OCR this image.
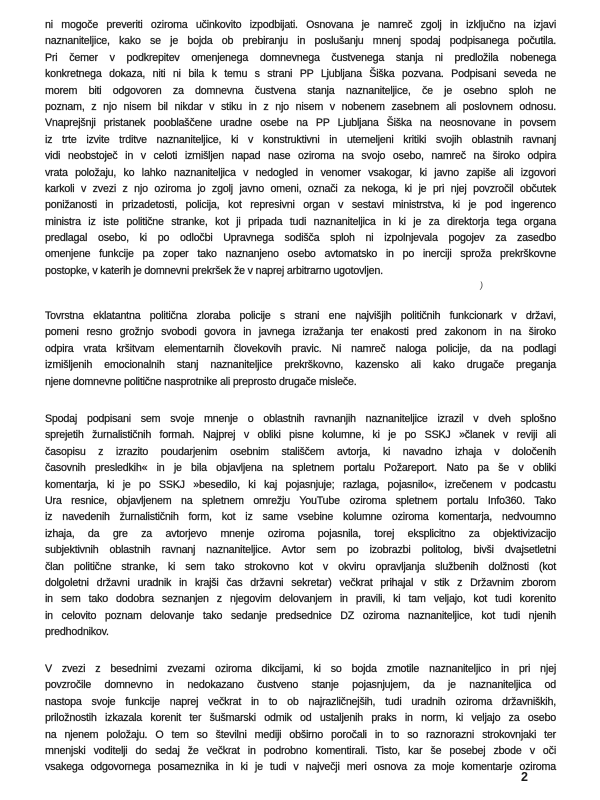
ni mogoče preveriti oziroma učinkovito izpodbijati. Osnovana je namreč zgolj in izključno na izjavi
naznaniteljice, kako se je bojda ob prebiranju in poslušanju mnenj spodaj podpisanega počutila.
Pri čemer v podkrepitev omenjenega domnevnega čustvenega stanja ni predložila nobenega
konkretnega dokaza, niti ni bila k temu s strani PP Ljubljana Šiška pozvana. Podpisani seveda ne
morem biti odgovoren za domnevna čustvena stanja naznaniteljice, če je osebno sploh ne
poznam, z njo nisem bil nikdar v stiku in z njo nisem v nobenem zasebnem ali poslovnem odnosu.
Vnaprejšnji pristanek pooblaščene uradne osebe na PP Ljubljana Šiška na neosnovane in povsem
iz trte izvite trditve naznaniteljice, ki v konstruktivni in utemeljeni kritiki svojih oblastnih ravnanj
vidi neobstoječ in v celoti izmišljen napad nase oziroma na svojo osebo, namreč na široko odpira
vrata položaju, ko lahko naznaniteljica v nedogled in venomer vsakogar, ki javno zapiše ali izgovori
karkoli v zvezi z njo oziroma jo zgolj javno omeni, označi za nekoga, ki je pri njej povzročil občutek
ponižanosti in prizadetosti, policija, kot represivni organ v sestavi ministrstva, ki je pod ingerenco
ministra iz iste politične stranke, kot ji pripada tudi naznaniteljica in ki je za direktorja tega organa
predlagal osebo, ki po odločbi Upravnega sodišča sploh ni izpolnjevala pogojev za zasedbo
omenjene funkcije pa zoper tako naznanjeno osebo avtomatsko in po inerciji sproža prekrškovne
postopke, v katerih je domnevni prekršek že v naprej arbitrarno ugotovljen.
Tovrstna eklatantna politična zloraba policije s strani ene najvišjih političnih funkcionark v državi,
pomeni resno grožnjo svobodi govora in javnega izražanja ter enakosti pred zakonom in na široko
odpira vrata kršitvam elementarnih človekovih pravic. Ni namreč naloga policije, da na podlagi
izmišljenih emocionalnih stanj naznaniteljice prekrškovno, kazensko ali kako drugače preganja
njene domnevne politične nasprotnike ali preprosto drugače misleče.
Spodaj podpisani sem svoje mnenje o oblastnih ravnanjih naznaniteljice izrazil v dveh splošno
sprejetih žurnalističnih formah. Najprej v obliki pisne kolumne, ki je po SSKJ »članek v reviji ali
časopisu z izrazito poudarjenim osebnim stališčem avtorja, ki navadno izhaja v določenih
časovnih presledkih« in je bila objavljena na spletnem portalu Požareport. Nato pa še v obliki
komentarja, ki je po SSKJ »besedilo, ki kaj pojasnjuje; razlaga, pojasnilo«, izrečenem v podcastu
Ura resnice, objavljenem na spletnem omrežju YouTube oziroma spletnem portalu Info360. Tako
iz navedenih žurnalističnih form, kot iz same vsebine kolumne oziroma komentarja, nedvoumno
izhaja, da gre za avtorjevo mnenje oziroma pojasnila, torej eksplicitno za objektivizacijo
subjektivnih oblastnih ravnanj naznaniteljice. Avtor sem po izobrazbi politolog, bivši dvajsetletni
član politične stranke, ki sem tako strokovno kot v okviru opravljanja službenih dolžnosti (kot
dolgoletni državni uradnik in krajši čas državni sekretar) večkrat prihajal v stik z Državnim zborom
in sem tako dodobra seznanjen z njegovim delovanjem in pravili, ki tam veljajo, kot tudi korenito
in celovito poznam delovanje tako sedanje predsednice DZ oziroma naznaniteljice, kot tudi njenih
predhodnikov.
V zvezi z besednimi zvezami oziroma dikcijami, ki so bojda zmotile naznaniteljico in pri njej
povzročile domnevno in nedokazano čustveno stanje pojasnjujem, da je naznaniteljica od
nastopa svoje funkcije naprej večkrat in to ob najrazličnejših, tudi uradnih oziroma državniških,
priložnostih izkazala korenit ter šušmarski odmik od ustaljenih praks in norm, ki veljajo za osebo
na njenem položaju. O tem so številni mediji obširno poročali in to so raznorazni strokovnjaki ter
mnenjski voditelji do sedaj že večkrat in podrobno komentirali. Tisto, kar še posebej zbode v oči
vsakega odgovornega posameznika in ki je tudi v največji meri osnova za moje komentarje oziroma
)
2
